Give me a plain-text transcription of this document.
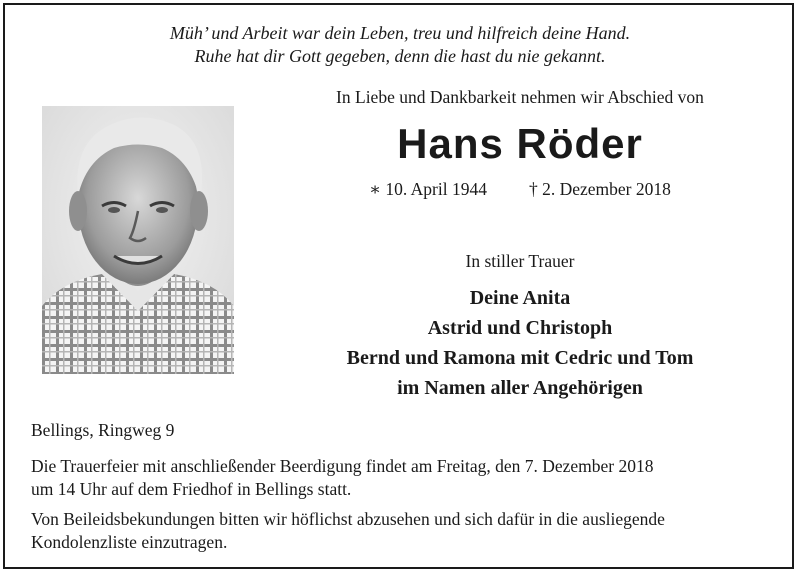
Müh’ und Arbeit war dein Leben, treu und hilfreich deine Hand.
Ruhe hat dir Gott gegeben, denn die hast du nie gekannt.
In Liebe und Dankbarkeit nehmen wir Abschied von
Hans Röder
∗ 10. April 1944 † 2. Dezember 2018
In stiller Trauer
Deine Anita
Astrid und Christoph
Bernd und Ramona mit Cedric und Tom
im Namen aller Angehörigen
Bellings, Ringweg 9
Die Trauerfeier mit anschließender Beerdigung findet am Freitag, den 7. Dezember 2018
um 14 Uhr auf dem Friedhof in Bellings statt.
Von Beileidsbekundungen bitten wir höflichst abzusehen und sich dafür in die ausliegende
Kondolenzliste einzutragen.
